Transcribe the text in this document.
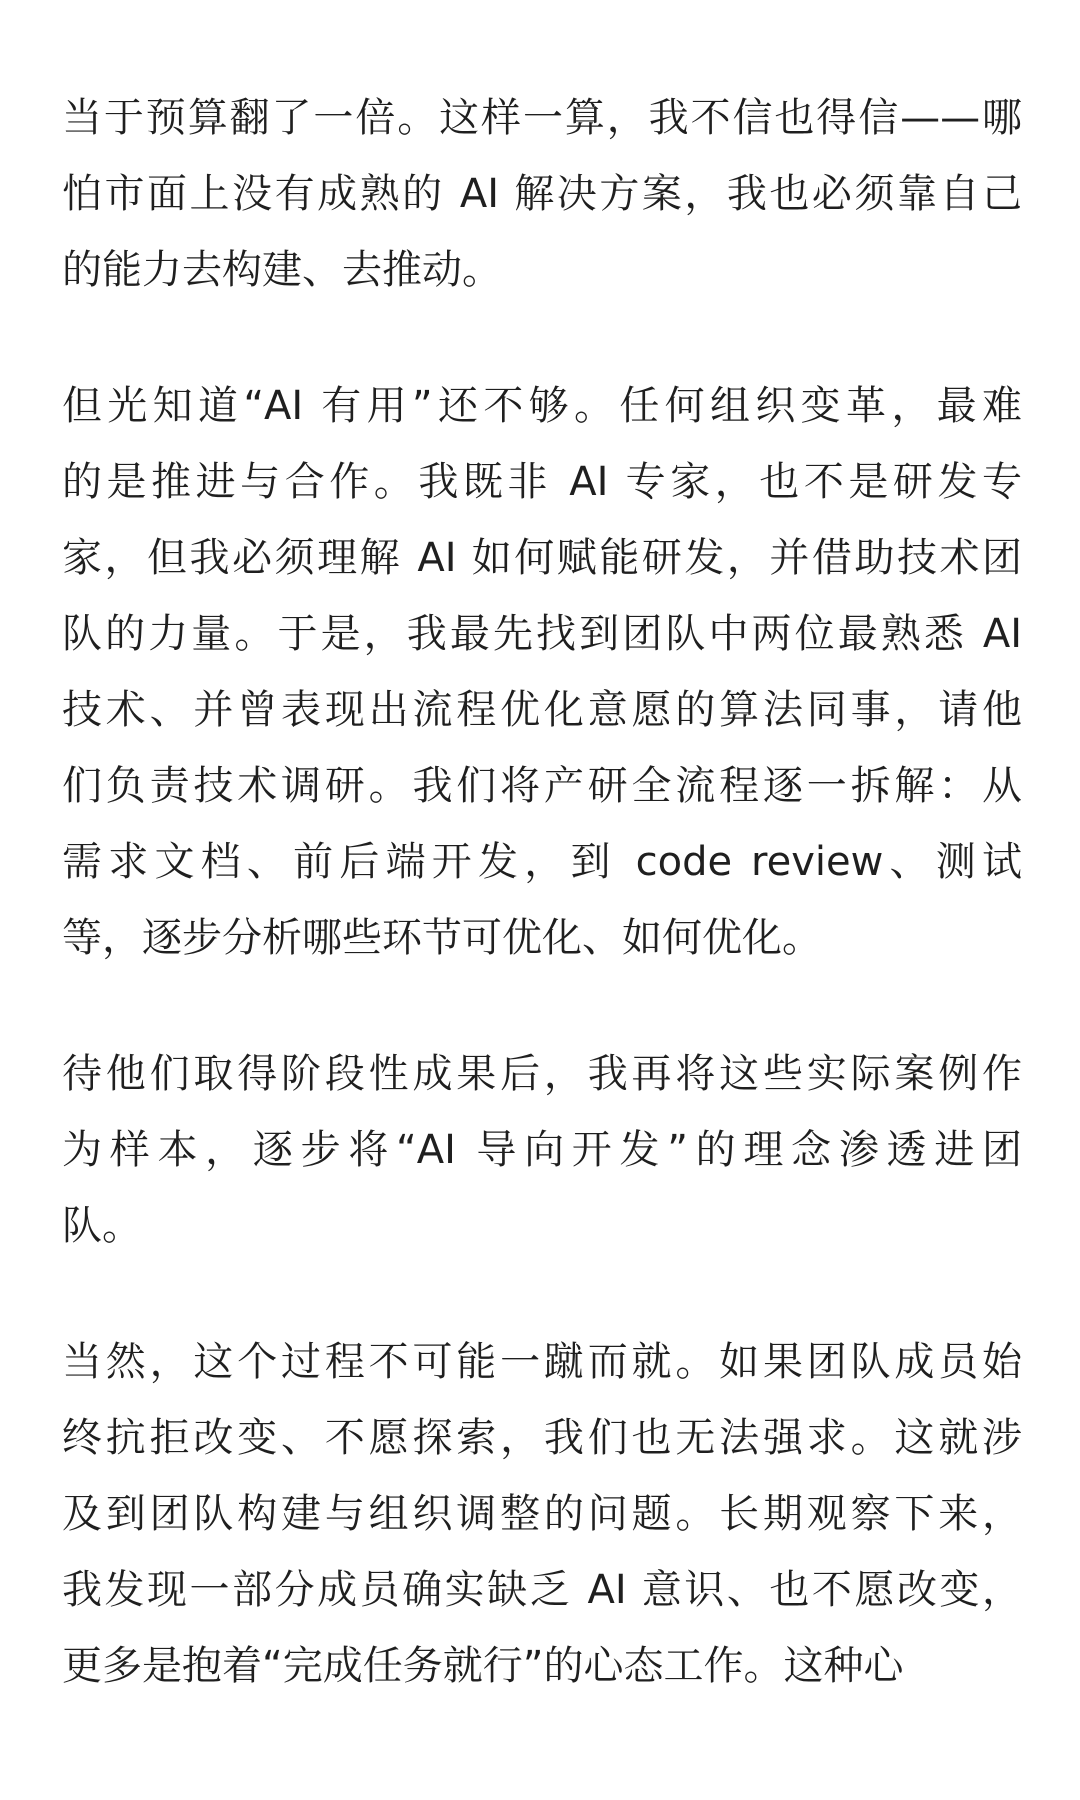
当于预算翻了一倍。这样一算，我不信也得信——哪
怕市面上没有成熟的 AI 解决方案，我也必须靠自己
的能力去构建、去推动。
但光知道“AI 有用”还不够。任何组织变革，最难
的是推进与合作。我既非 AI 专家，也不是研发专
家，但我必须理解 AI 如何赋能研发，并借助技术团
队的力量。于是，我最先找到团队中两位最熟悉 AI
技术、并曾表现出流程优化意愿的算法同事，请他
们负责技术调研。我们将产研全流程逐一拆解：从
需求文档、前后端开发，到 code review、测试
等，逐步分析哪些环节可优化、如何优化。
待他们取得阶段性成果后，我再将这些实际案例作
为样本，逐步将“AI 导向开发”的理念渗透进团
队。
当然，这个过程不可能一蹴而就。如果团队成员始
终抗拒改变、不愿探索，我们也无法强求。这就涉
及到团队构建与组织调整的问题。长期观察下来，
我发现一部分成员确实缺乏 AI 意识、也不愿改变，
更多是抱着“完成任务就行”的心态工作。这种心
